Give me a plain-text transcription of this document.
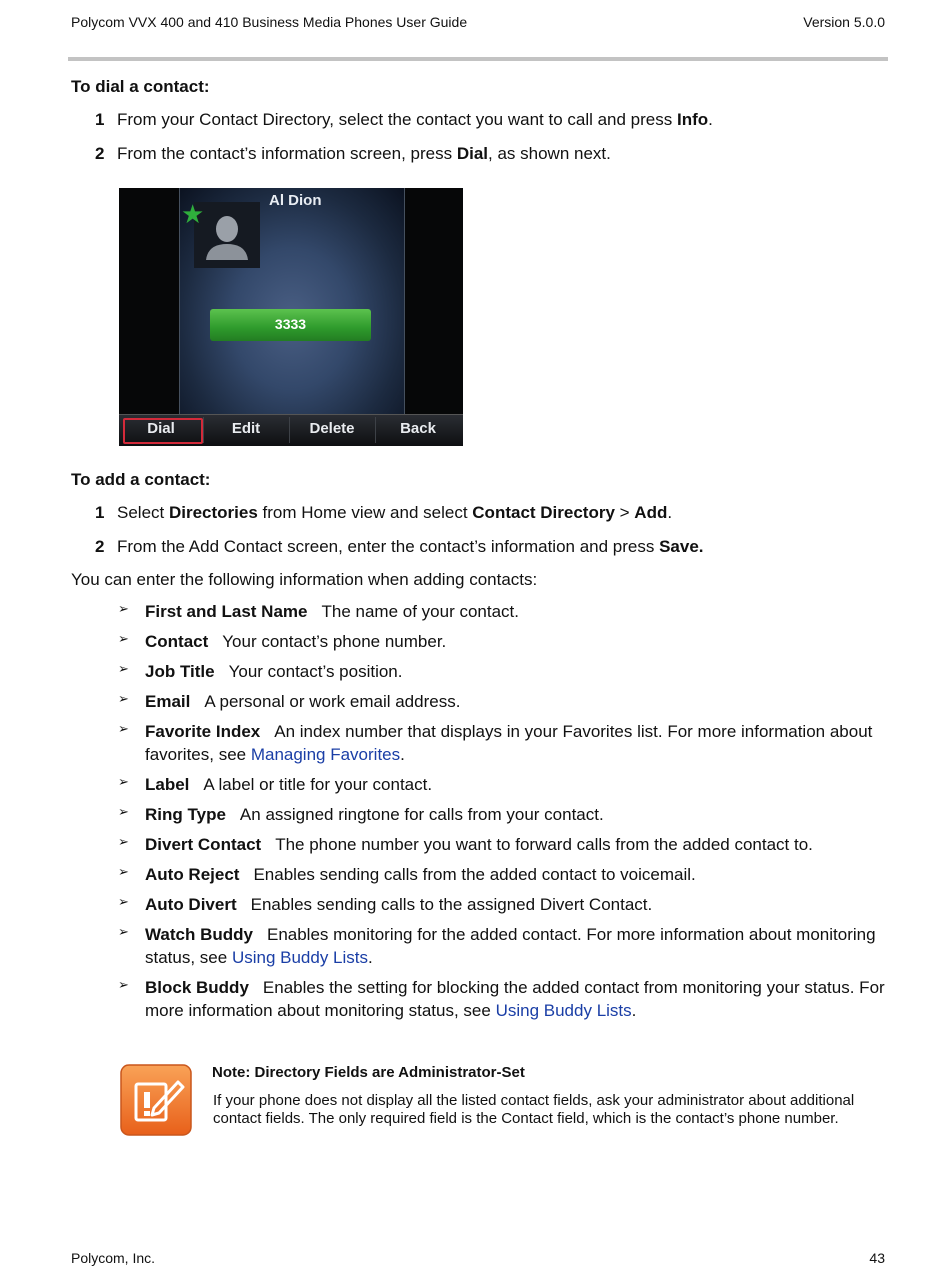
Polycom VVX 400 and 410 Business Media Phones User Guide	Version 5.0.0
To dial a contact:
1 From your Contact Directory, select the contact you want to call and press Info.
2 From the contact’s information screen, press Dial, as shown next.
Al Dion
★
3333
Dial	Edit	Delete	Back
To add a contact:
1 Select Directories from Home view and select Contact Directory > Add.
2 From the Add Contact screen, enter the contact’s information and press Save.
You can enter the following information when adding contacts:
➢ First and Last Name The name of your contact.
➢ Contact Your contact’s phone number.
➢ Job Title Your contact’s position.
➢ Email A personal or work email address.
➢ Favorite Index An index number that displays in your Favorites list. For more information about favorites, see Managing Favorites.
➢ Label A label or title for your contact.
➢ Ring Type An assigned ringtone for calls from your contact.
➢ Divert Contact The phone number you want to forward calls from the added contact to.
➢ Auto Reject Enables sending calls from the added contact to voicemail.
➢ Auto Divert Enables sending calls to the assigned Divert Contact.
➢ Watch Buddy Enables monitoring for the added contact. For more information about monitoring status, see Using Buddy Lists.
➢ Block Buddy Enables the setting for blocking the added contact from monitoring your status. For more information about monitoring status, see Using Buddy Lists.
Note: Directory Fields are Administrator-Set
If your phone does not display all the listed contact fields, ask your administrator about additional contact fields. The only required field is the Contact field, which is the contact’s phone number.
Polycom, Inc.	43
